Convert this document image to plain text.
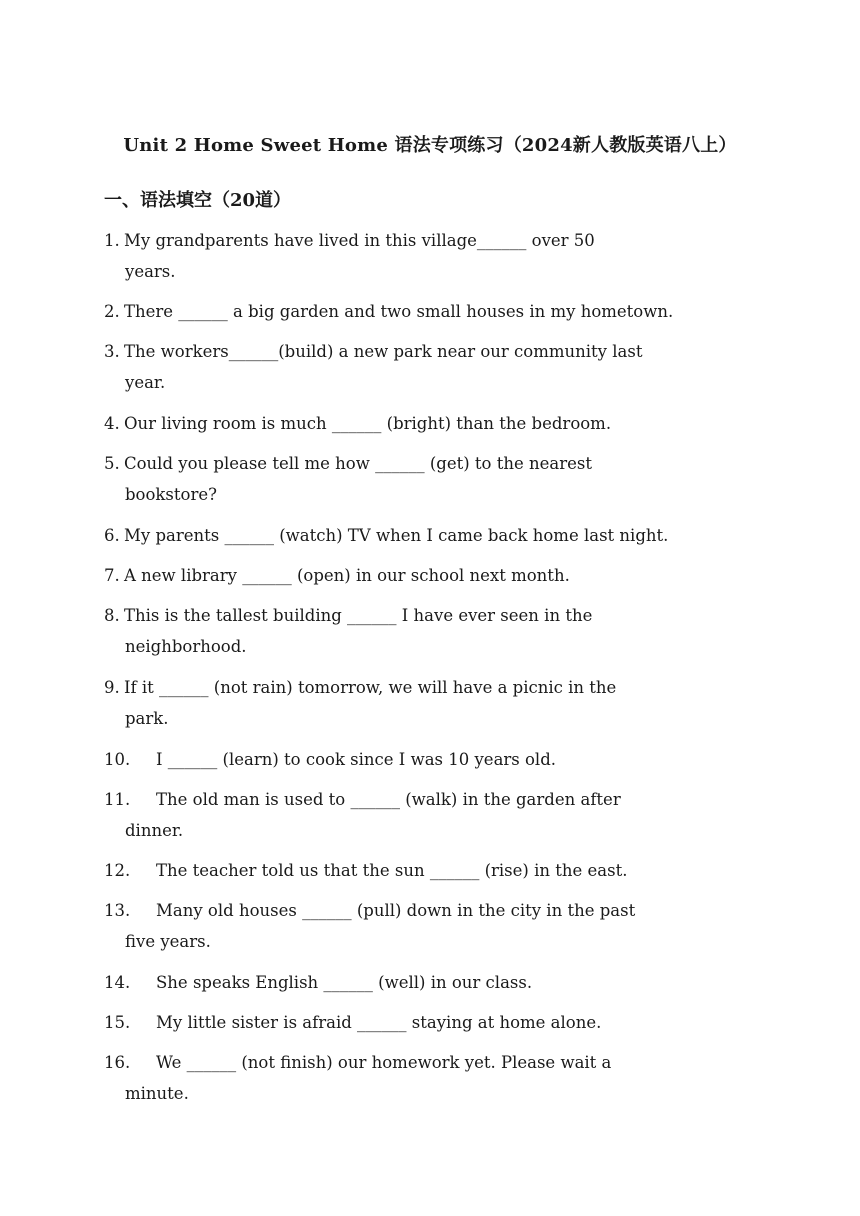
Unit 2 Home Sweet Home 语法专项练习（2024新人教版英语八上）
一、语法填空（20道）
1. My grandparents have lived in this village______ over 50
years.
2. There ______ a big garden and two small houses in my hometown.
3. The workers______(build) a new park near our community last
year.
4. Our living room is much ______ (bright) than the bedroom.
5. Could you please tell me how ______ (get) to the nearest
bookstore?
6. My parents ______ (watch) TV when I came back home last night.
7. A new library ______ (open) in our school next month.
8. This is the tallest building ______ I have ever seen in the
neighborhood.
9. If it ______ (not rain) tomorrow, we will have a picnic in the
park.
10. I ______ (learn) to cook since I was 10 years old.
11. The old man is used to ______ (walk) in the garden after
dinner.
12. The teacher told us that the sun ______ (rise) in the east.
13. Many old houses ______ (pull) down in the city in the past
five years.
14. She speaks English ______ (well) in our class.
15. My little sister is afraid ______ staying at home alone.
16. We ______ (not finish) our homework yet. Please wait a
minute.
